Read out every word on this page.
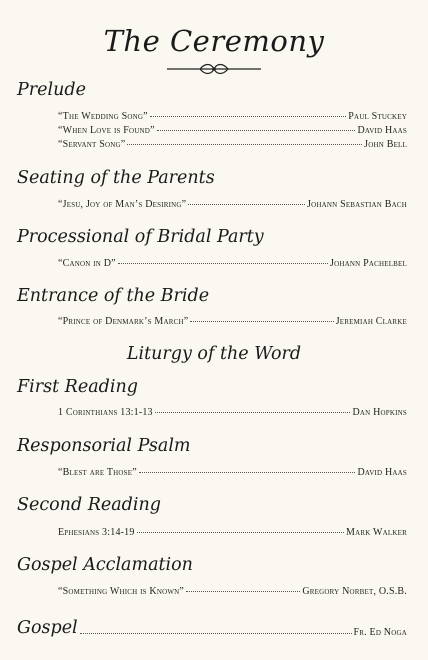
The Ceremony
Prelude
“The Wedding Song”	Paul Stuckey
“When Love is Found”	David Haas
“Servant Song”	John Bell
Seating of the Parents
“Jesu, Joy of Man’s Desiring”	Johann Sebastian Bach
Processional of Bridal Party
“Canon in D”	Johann Pachelbel
Entrance of the Bride
“Prince of Denmark’s March”	Jeremiah Clarke
Liturgy of the Word
First Reading
1 Corinthians 13:1-13	Dan Hopkins
Responsorial Psalm
“Blest are Those”	David Haas
Second Reading
Ephesians 3:14-19	Mark Walker
Gospel Acclamation
“Something Which is Known”	Gregory Norbet, O.S.B.
Gospel	Fr. Ed Noga
